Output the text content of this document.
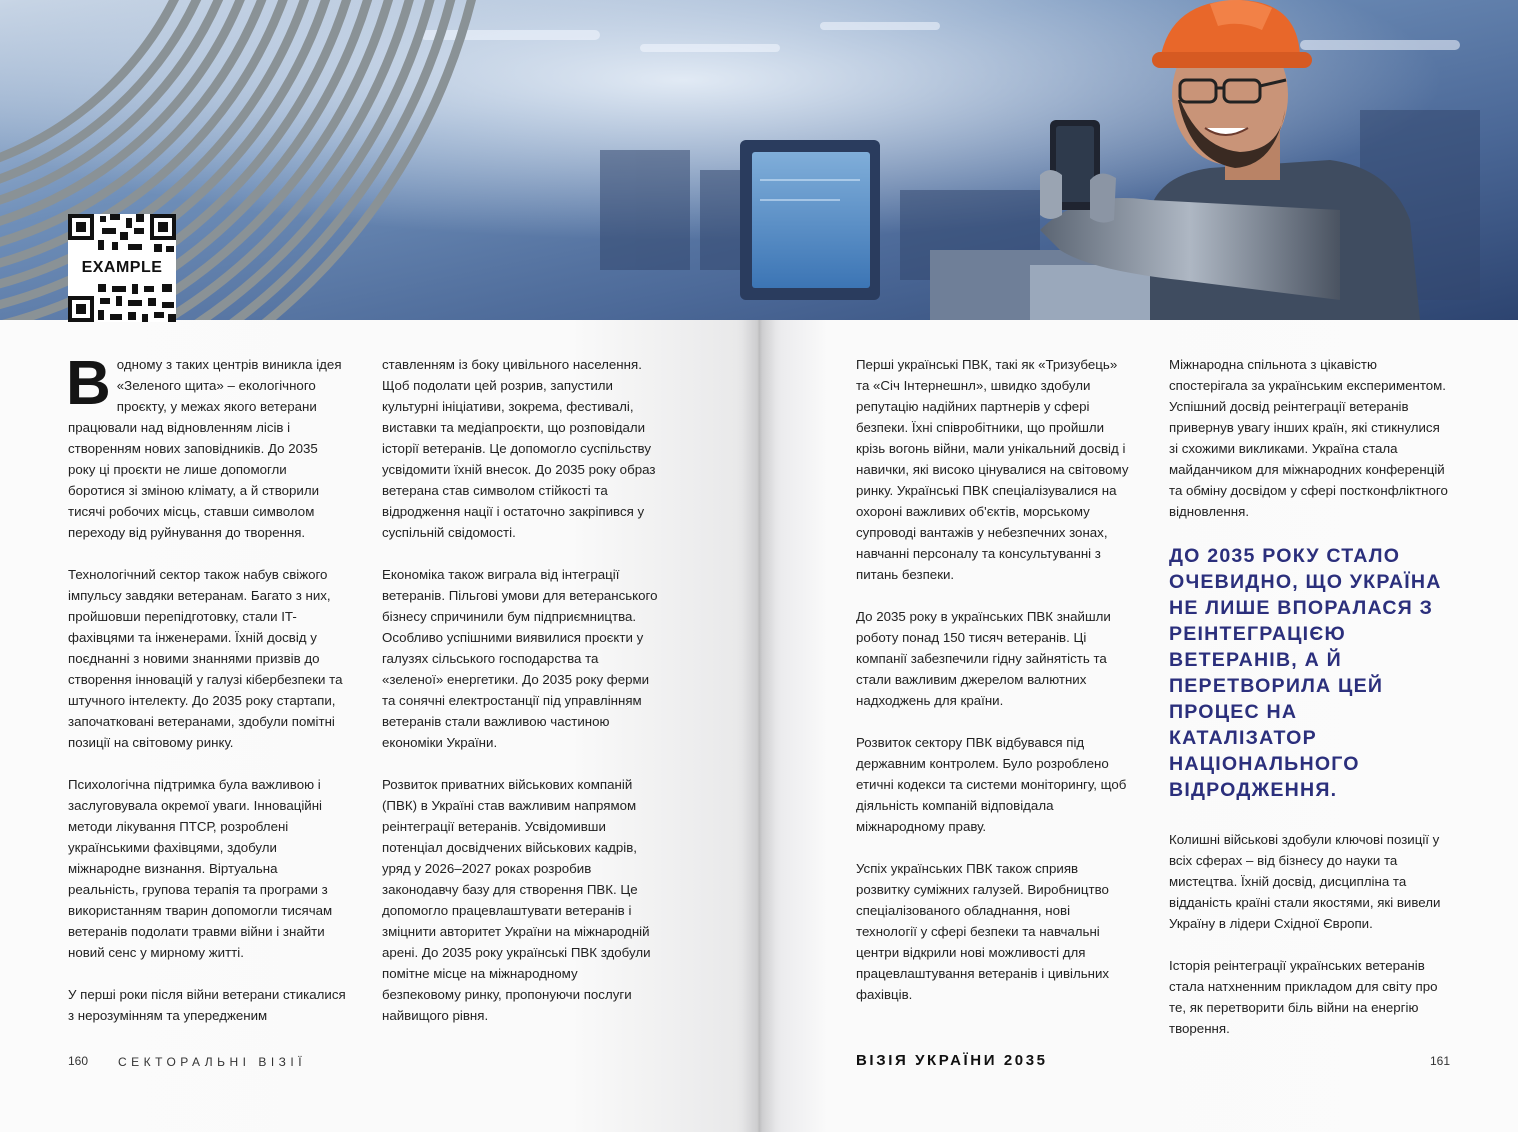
EXAMPLE

В одному з таких центрів виникла ідея «Зеленого щита» – екологічного проєкту, у межах якого ветерани працювали над відновленням лісів і створенням нових заповідників. До 2035 року ці проєкти не лише допомогли боротися зі зміною клімату, а й створили тисячі робочих місць, ставши символом переходу від руйнування до творення.

Технологічний сектор також набув свіжого імпульсу завдяки ветеранам. Багато з них, пройшовши перепідготовку, стали IT-фахівцями та інженерами. Їхній досвід у поєднанні з новими знаннями призвів до створення інновацій у галузі кібербезпеки та штучного інтелекту. До 2035 року стартапи, започатковані ветеранами, здобули помітні позиції на світовому ринку.

Психологічна підтримка була важливою і заслуговувала окремої уваги. Інноваційні методи лікування ПТСР, розроблені українськими фахівцями, здобули міжнародне визнання. Віртуальна реальність, групова терапія та програми з використанням тварин допомогли тисячам ветеранів подолати травми війни і знайти новий сенс у мирному житті.

У перші роки після війни ветерани стикалися з нерозумінням та упередженим

ставленням із боку цивільного населення. Щоб подолати цей розрив, запустили культурні ініціативи, зокрема, фестивалі, виставки та медіапроєкти, що розповідали історії ветеранів. Це допомогло суспільству усвідомити їхній внесок. До 2035 року образ ветерана став символом стійкості та відродження нації і остаточно закріпився у суспільній свідомості.

Економіка також виграла від інтеграції ветеранів. Пільгові умови для ветеранського бізнесу спричинили бум підприємництва. Особливо успішними виявилися проєкти у галузях сільського господарства та «зеленої» енергетики. До 2035 року ферми та сонячні електростанції під управлінням ветеранів стали важливою частиною економіки України.

Розвиток приватних військових компаній (ПВК) в Україні став важливим напрямом реінтеграції ветеранів. Усвідомивши потенціал досвідчених військових кадрів, уряд у 2026–2027 роках розробив законодавчу базу для створення ПВК. Це допомогло працевлаштувати ветеранів і зміцнити авторитет України на міжнародній арені. До 2035 року українські ПВК здобули помітне місце на міжнародному безпековому ринку, пропонуючи послуги найвищого рівня.

Перші українські ПВК, такі як «Тризубець» та «Січ Інтернешнл», швидко здобули репутацію надійних партнерів у сфері безпеки. Їхні співробітники, що пройшли крізь вогонь війни, мали унікальний досвід і навички, які високо цінувалися на світовому ринку. Українські ПВК спеціалізувалися на охороні важливих об'єктів, морському супроводі вантажів у небезпечних зонах, навчанні персоналу та консультуванні з питань безпеки.

До 2035 року в українських ПВК знайшли роботу понад 150 тисяч ветеранів. Ці компанії забезпечили гідну зайнятість та стали важливим джерелом валютних надходжень для країни.

Розвиток сектору ПВК відбувався під державним контролем. Було розроблено етичні кодекси та системи моніторингу, щоб діяльність компаній відповідала міжнародному праву.

Успіх українських ПВК також сприяв розвитку суміжних галузей. Виробництво спеціалізованого обладнання, нові технології у сфері безпеки та навчальні центри відкрили нові можливості для працевлаштування ветеранів і цивільних фахівців.

Міжнародна спільнота з цікавістю спостерігала за українським експериментом. Успішний досвід реінтеграції ветеранів привернув увагу інших країн, які стикнулися зі схожими викликами. Україна стала майданчиком для міжнародних конференцій та обміну досвідом у сфері постконфліктного відновлення.

ДО 2035 РОКУ СТАЛО ОЧЕВИДНО, ЩО УКРАЇНА НЕ ЛИШЕ ВПОРАЛАСЯ З РЕІНТЕГРАЦІЄЮ ВЕТЕРАНІВ, А Й ПЕРЕТВОРИЛА ЦЕЙ ПРОЦЕС НА КАТАЛІЗАТОР НАЦІОНАЛЬНОГО ВІДРОДЖЕННЯ.

Колишні військові здобули ключові позиції у всіх сферах – від бізнесу до науки та мистецтва. Їхній досвід, дисципліна та відданість країні стали якостями, які вивели Україну в лідери Східної Європи.

Історія реінтеграції українських ветеранів стала натхненним прикладом для світу про те, як перетворити біль війни на енергію творення.

160 СЕКТОРАЛЬНІ ВІЗІЇ	ВІЗІЯ УКРАЇНИ 2035	161
